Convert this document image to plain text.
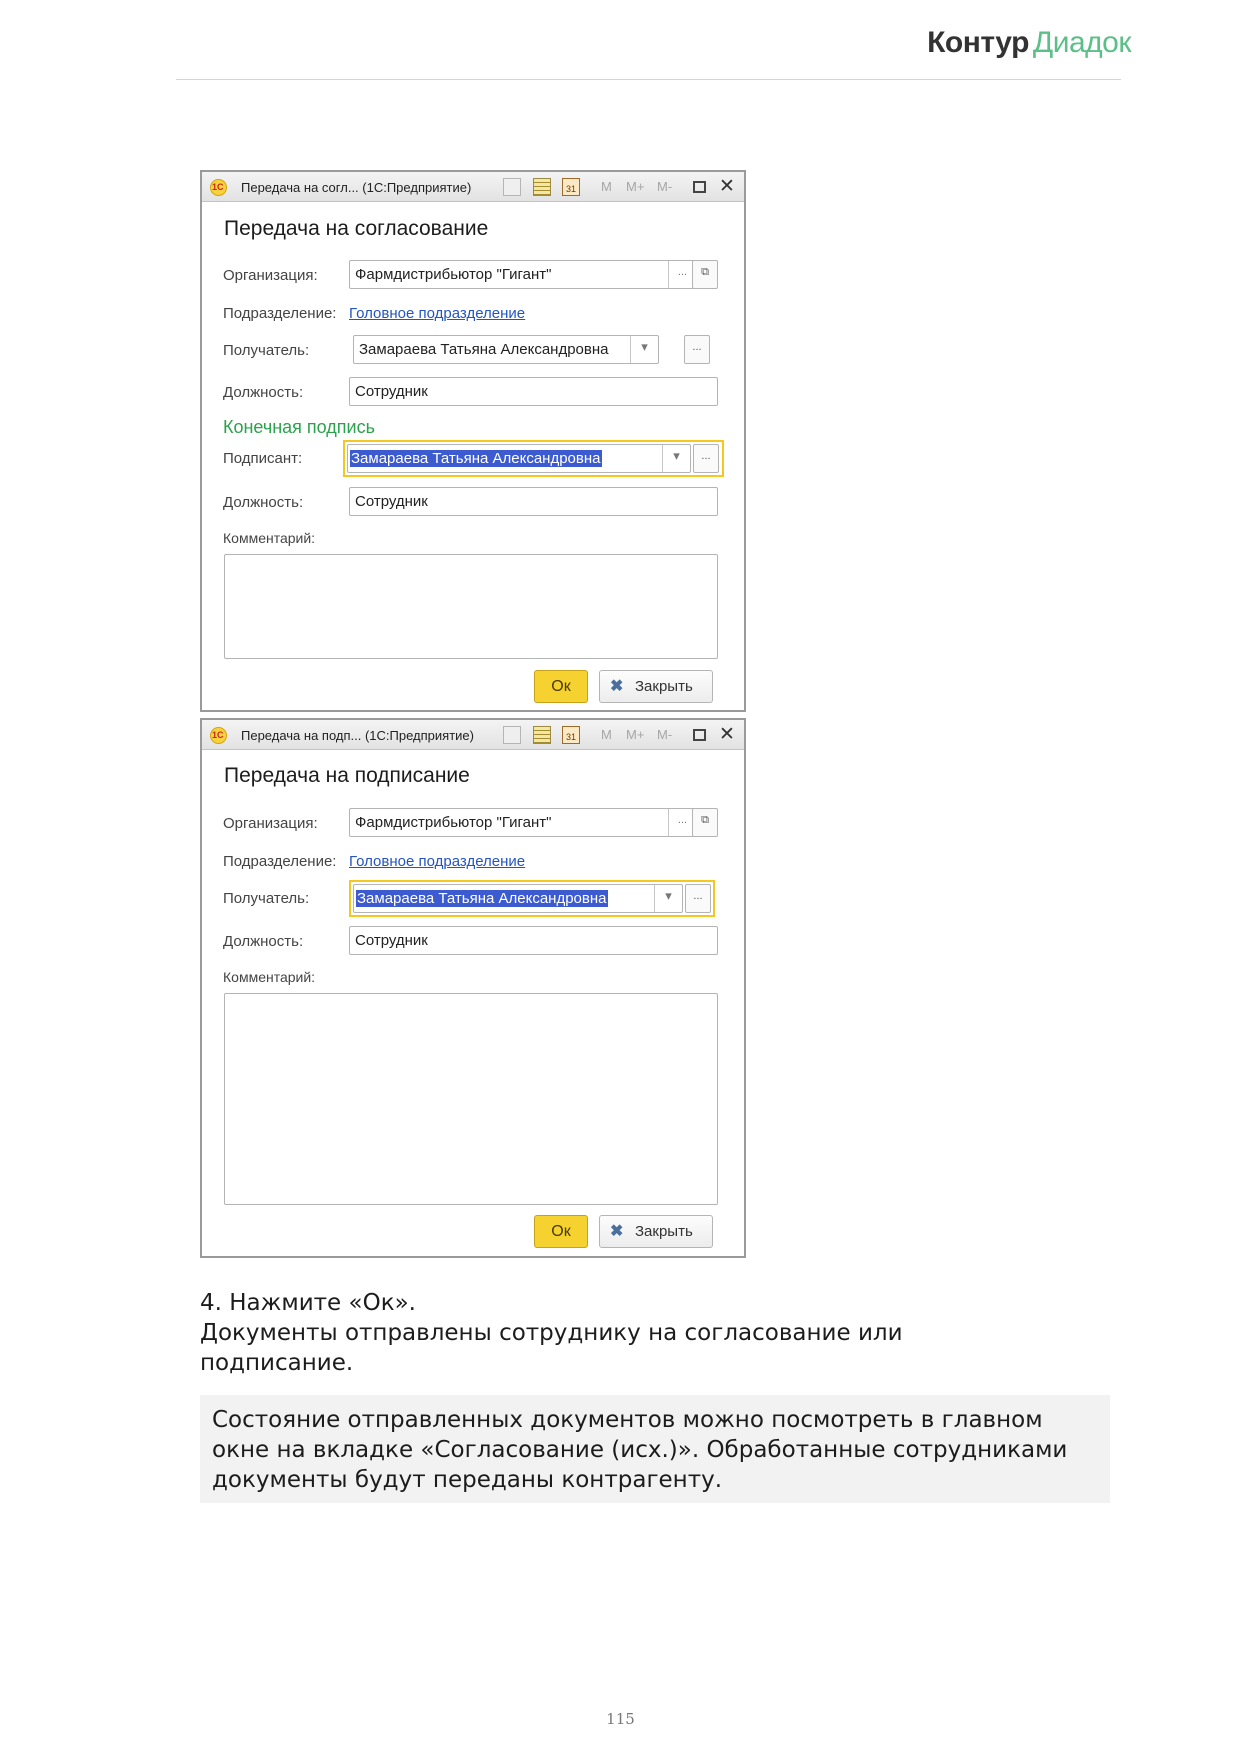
Контур Диадок
1С Передача на согл... (1С:Предприятие)	31	M M+ M- ✕
Передача на согласование
Организация:	Фармдистрибьютор "Гигант"	...	⧉
Подразделение: Головное подразделение
Получатель:	Замараева Татьяна Александровна	▾	...
Должность:	Сотрудник
Конечная подпись
Подписант:	Замараева Татьяна Александровна	▾	...
Должность:	Сотрудник
Комментарий:
Ок	✖ Закрыть
1С Передача на подп... (1С:Предприятие)	31	M M+ M- ✕
Передача на подписание
Организация:	Фармдистрибьютор "Гигант"	...	⧉
Подразделение: Головное подразделение
Получатель:	Замараева Татьяна Александровна	▾	...
Должность:	Сотрудник
Комментарий:
Ок	✖ Закрыть
4. Нажмите «Ок».
Документы отправлены сотруднику на согласование или подписание.
Состояние отправленных документов можно посмотреть в главном окне на вкладке «Согласование (исх.)». Обработанные сотрудниками документы будут переданы контрагенту.
115
